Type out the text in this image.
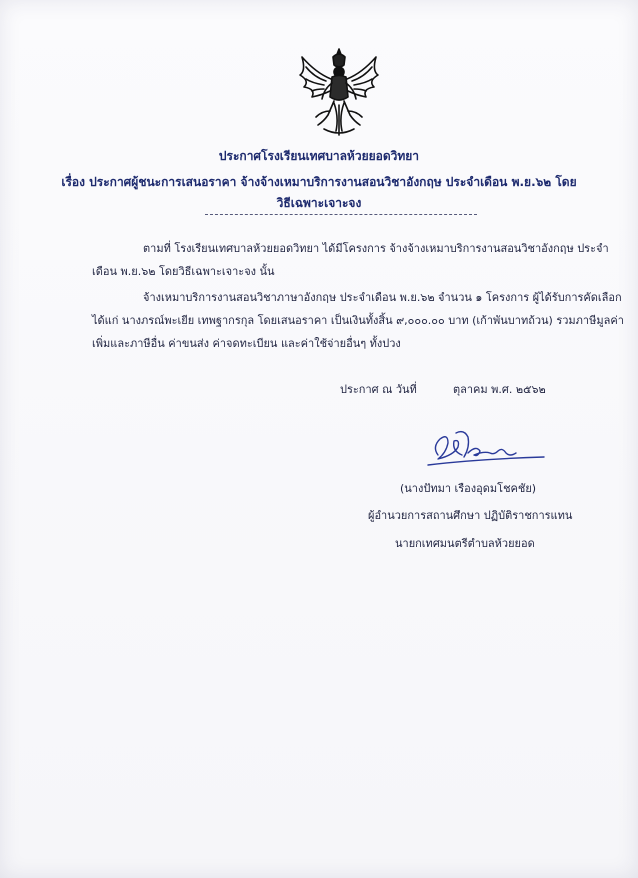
ประกาศโรงเรียนเทศบาลห้วยยอดวิทยา
เรื่อง ประกาศผู้ชนะการเสนอราคา จ้างจ้างเหมาบริการงานสอนวิชาอังกฤษ ประจำเดือน พ.ย.๖๒ โดย
วิธีเฉพาะเจาะจง
ตามที่ โรงเรียนเทศบาลห้วยยอดวิทยา ได้มีโครงการ จ้างจ้างเหมาบริการงานสอนวิชาอังกฤษ ประจำ
เดือน พ.ย.๖๒ โดยวิธีเฉพาะเจาะจง นั้น
จ้างเหมาบริการงานสอนวิชาภาษาอังกฤษ ประจำเดือน พ.ย.๖๒ จำนวน ๑ โครงการ ผู้ได้รับการคัดเลือก
ได้แก่ นางภรณ์พะเยีย เทพฐากรกุล โดยเสนอราคา เป็นเงินทั้งสิ้น ๙,๐๐๐.๐๐ บาท (เก้าพันบาทถ้วน) รวมภาษีมูลค่า
เพิ่มและภาษีอื่น ค่าขนส่ง ค่าจดทะเบียน และค่าใช้จ่ายอื่นๆ ทั้งปวง
ประกาศ ณ วันที่	ตุลาคม พ.ศ. ๒๕๖๒
(นางปัทมา เรืองอุดมโชคชัย)
ผู้อำนวยการสถานศึกษา ปฏิบัติราชการแทน
นายกเทศมนตรีตำบลห้วยยอด
